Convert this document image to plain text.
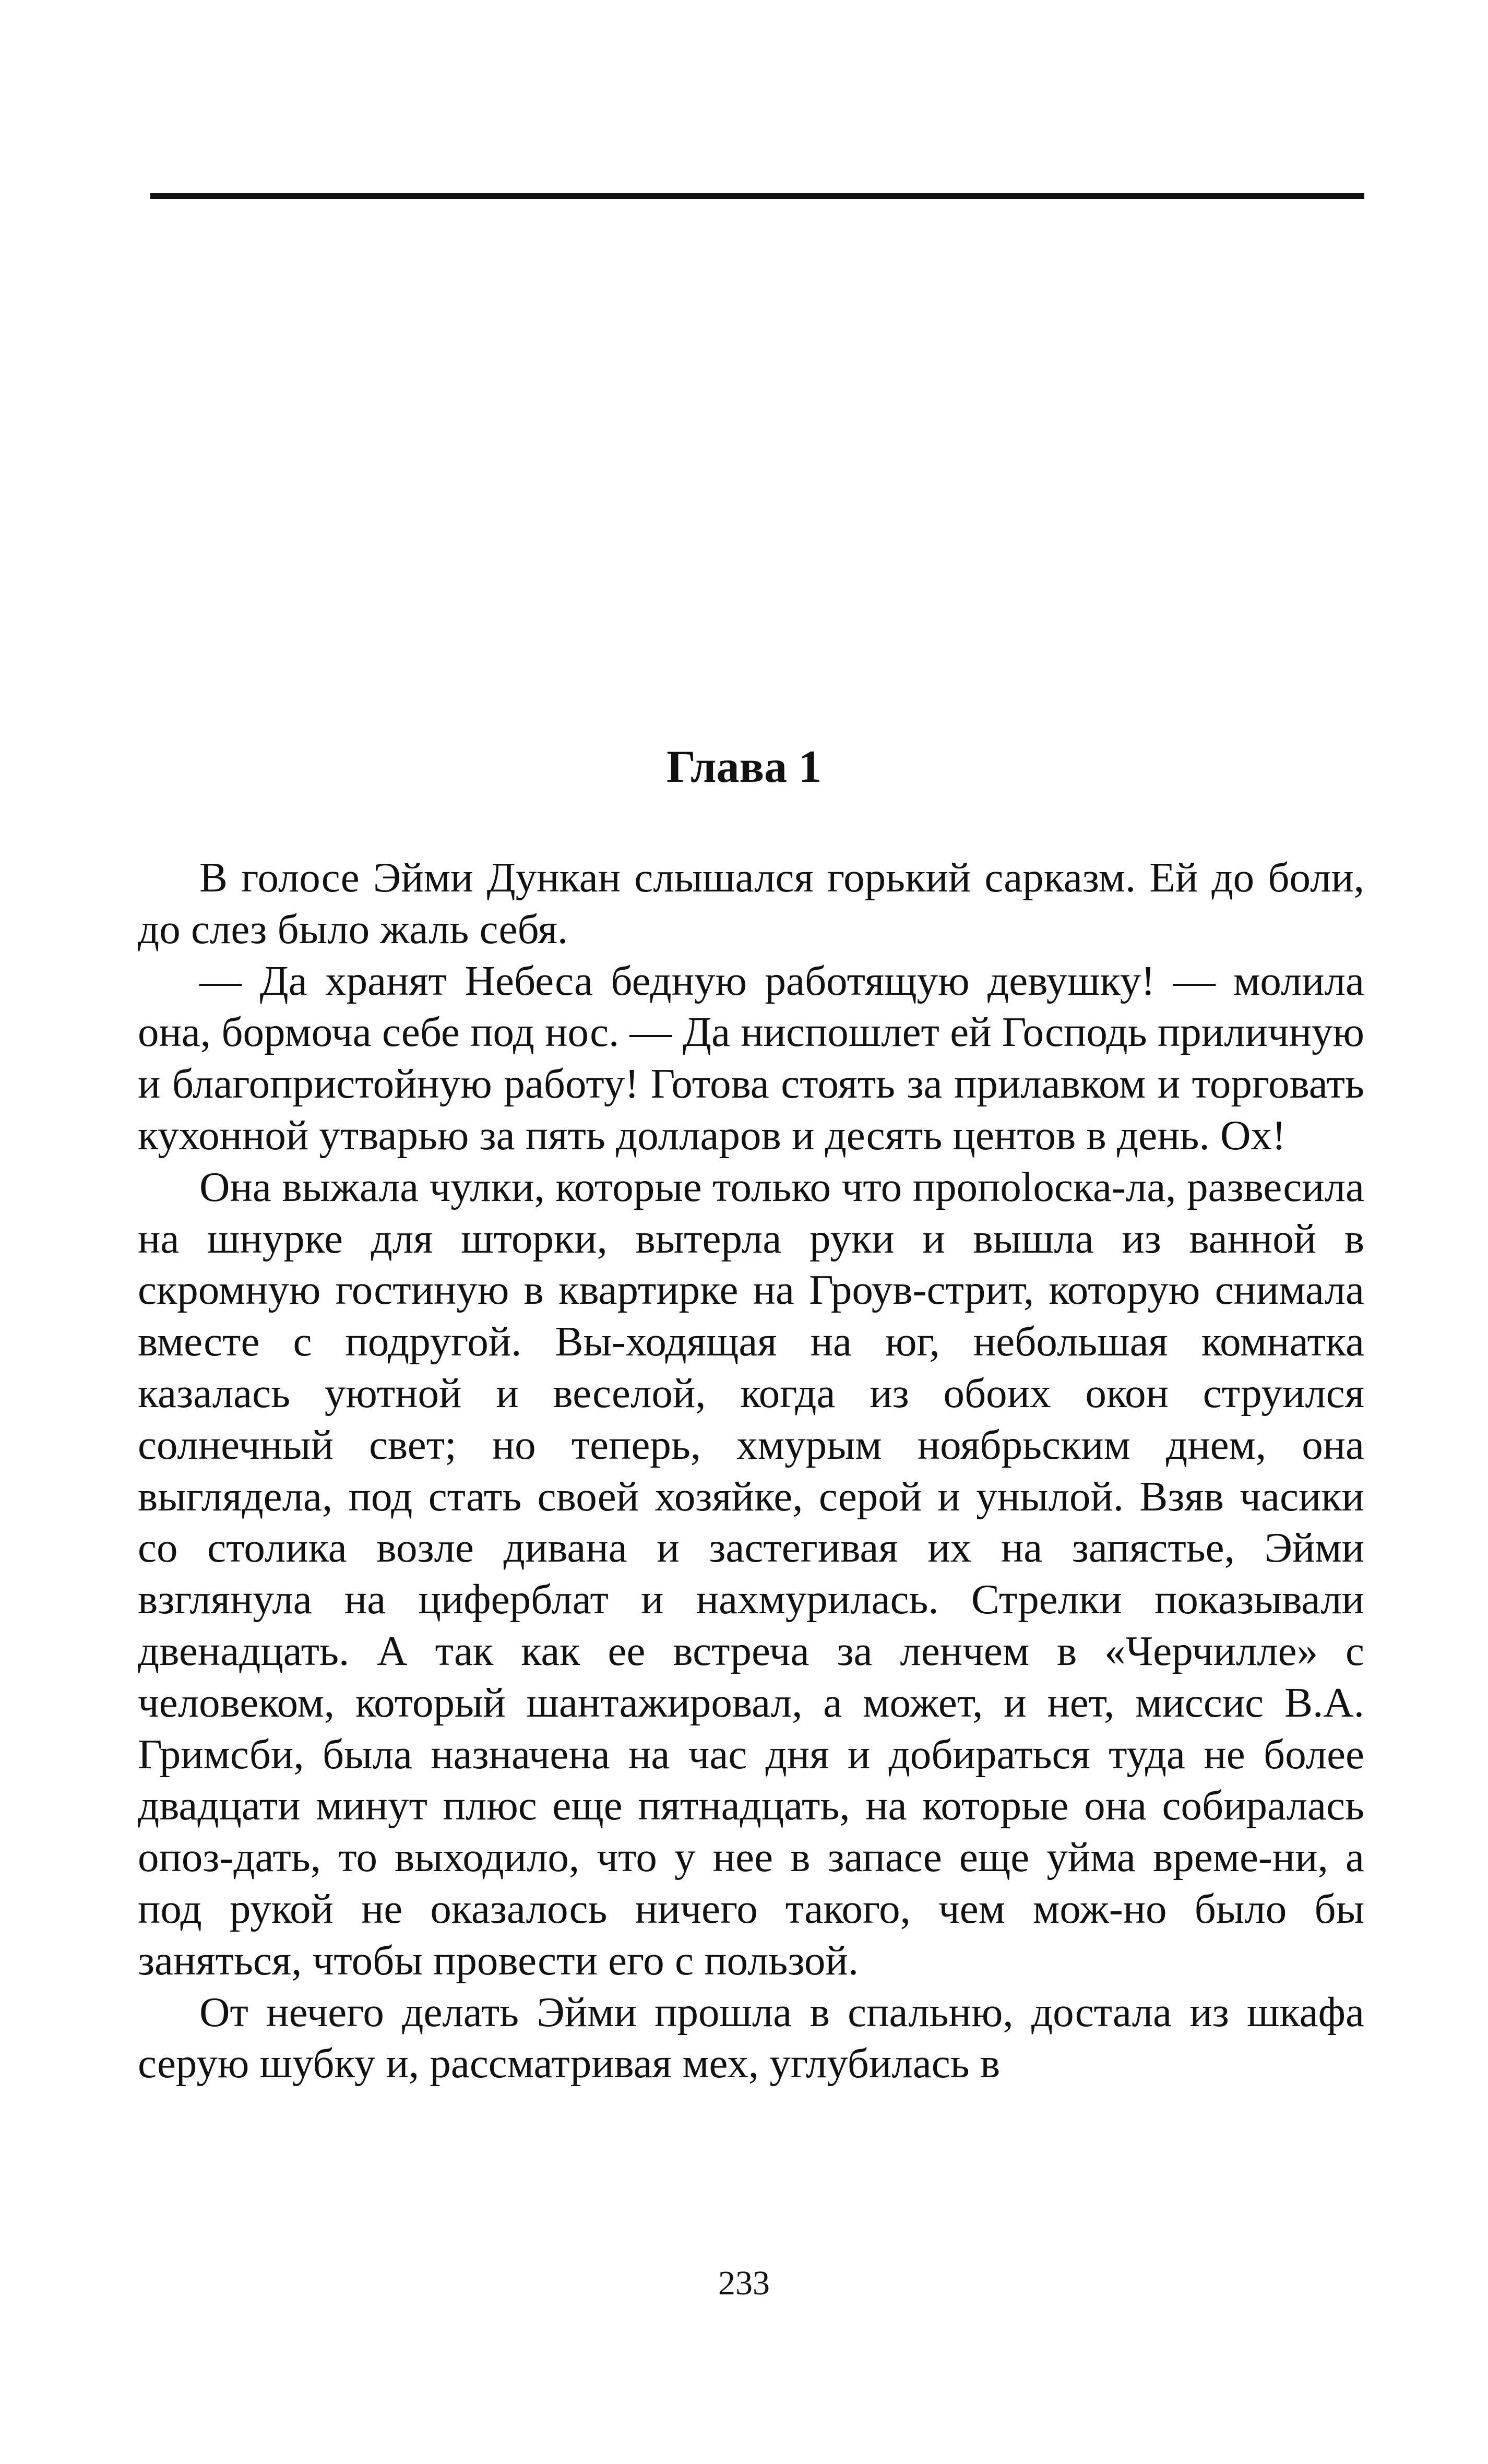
Глава 1

В голосе Эйми Дункан слышался горький сарказм. Ей до боли, до слез было жаль себя.

— Да хранят Небеса бедную работящую девушку! — молила она, бормоча себе под нос. — Да ниспошлет ей Господь приличную и благопристойную работу! Готова стоять за прилавком и торговать кухонной утварью за пять долларов и десять центов в день. Ох!

Она выжала чулки, которые только что пропоloска-ла, развесила на шнурке для шторки, вытерла руки и вышла из ванной в скромную гостиную в квартирке на Гроув-стрит, которую снимала вместе с подругой. Вы-ходящая на юг, небольшая комнатка казалась уютной и веселой, когда из обоих окон струился солнечный свет; но теперь, хмурым ноябрьским днем, она выглядела, под стать своей хозяйке, серой и унылой. Взяв часики со столика возле дивана и застегивая их на запястье, Эйми взглянула на циферблат и нахмурилась. Стрелки показывали двенадцать. А так как ее встреча за ленчем в «Черчилле» с человеком, который шантажировал, а может, и нет, миссис В.А. Гримсби, была назначена на час дня и добираться туда не более двадцати минут плюс еще пятнадцать, на которые она собиралась опоз-дать, то выходило, что у нее в запасе еще уйма време-ни, а под рукой не оказалось ничего такого, чем мож-но было бы заняться, чтобы провести его с пользой.

От нечего делать Эйми прошла в спальню, достала из шкафа серую шубку и, рассматривая мех, углубилась в

233
